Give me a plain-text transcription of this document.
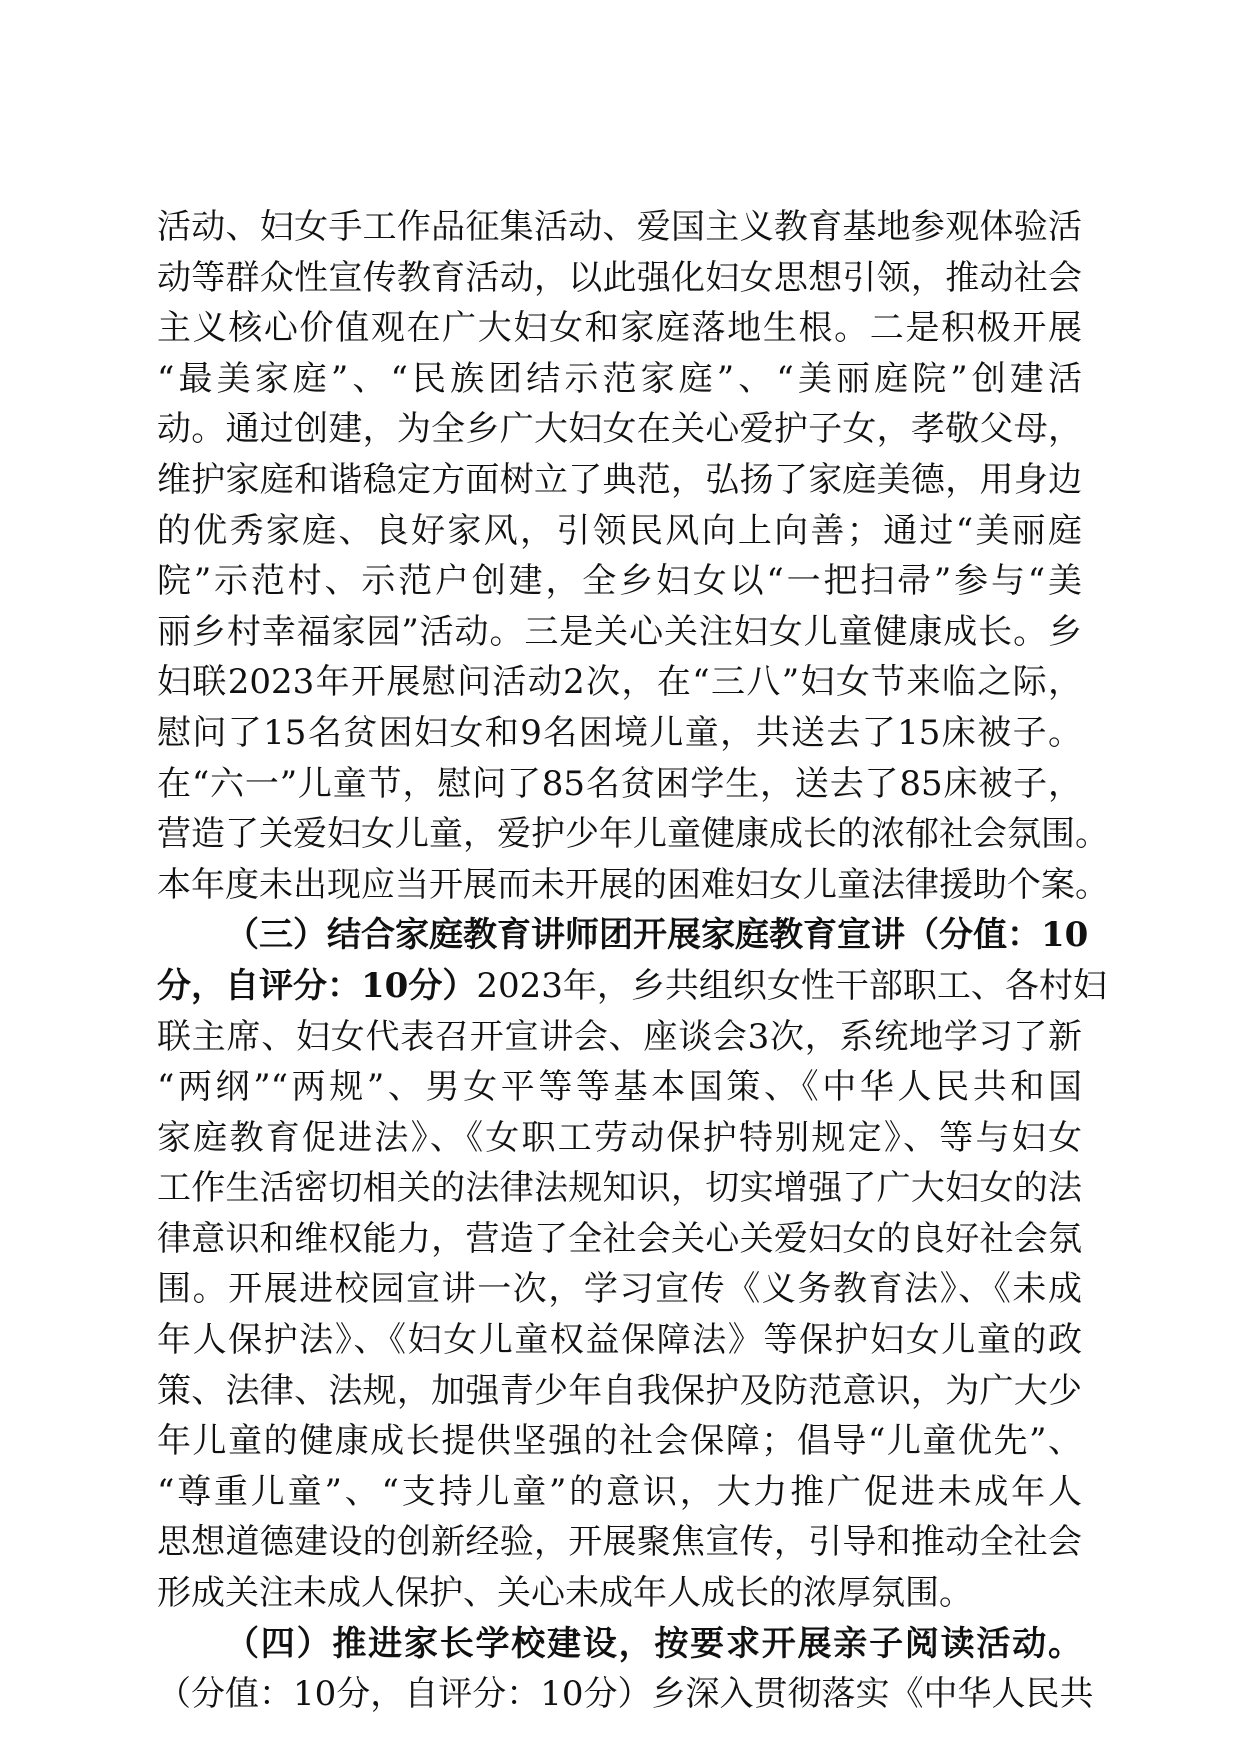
活动、妇女手工作品征集活动、爱国主义教育基地参观体验活
动等群众性宣传教育活动，以此强化妇女思想引领，推动社会
主义核心价值观在广大妇女和家庭落地生根。二是积极开展
“最美家庭”、“民族团结示范家庭”、“美丽庭院”创建活
动。通过创建，为全乡广大妇女在关心爱护子女，孝敬父母，
维护家庭和谐稳定方面树立了典范，弘扬了家庭美德，用身边
的优秀家庭、良好家风，引领民风向上向善；通过“美丽庭
院”示范村、示范户创建，全乡妇女以“一把扫帚”参与“美
丽乡村幸福家园”活动。三是关心关注妇女儿童健康成长。乡
妇联2023年开展慰问活动2次，在“三八”妇女节来临之际，
慰问了15名贫困妇女和9名困境儿童，共送去了15床被子。
在“六一”儿童节，慰问了85名贫困学生，送去了85床被子，
营造了关爱妇女儿童，爱护少年儿童健康成长的浓郁社会氛围。
本年度未出现应当开展而未开展的困难妇女儿童法律援助个案。
（三）结合家庭教育讲师团开展家庭教育宣讲（分值：10
分，自评分：10分）2023年，乡共组织女性干部职工、各村妇
联主席、妇女代表召开宣讲会、座谈会3次，系统地学习了新
“两纲”“两规”、男女平等等基本国策、《中华人民共和国
家庭教育促进法》、《女职工劳动保护特别规定》、等与妇女
工作生活密切相关的法律法规知识，切实增强了广大妇女的法
律意识和维权能力，营造了全社会关心关爱妇女的良好社会氛
围。开展进校园宣讲一次，学习宣传《义务教育法》、《未成
年人保护法》、《妇女儿童权益保障法》等保护妇女儿童的政
策、法律、法规，加强青少年自我保护及防范意识，为广大少
年儿童的健康成长提供坚强的社会保障；倡导“儿童优先”、
“尊重儿童”、“支持儿童”的意识，大力推广促进未成年人
思想道德建设的创新经验，开展聚焦宣传，引导和推动全社会
形成关注未成人保护、关心未成年人成长的浓厚氛围。
（四）推进家长学校建设，按要求开展亲子阅读活动。
（分值：10分，自评分：10分）乡深入贯彻落实《中华人民共
